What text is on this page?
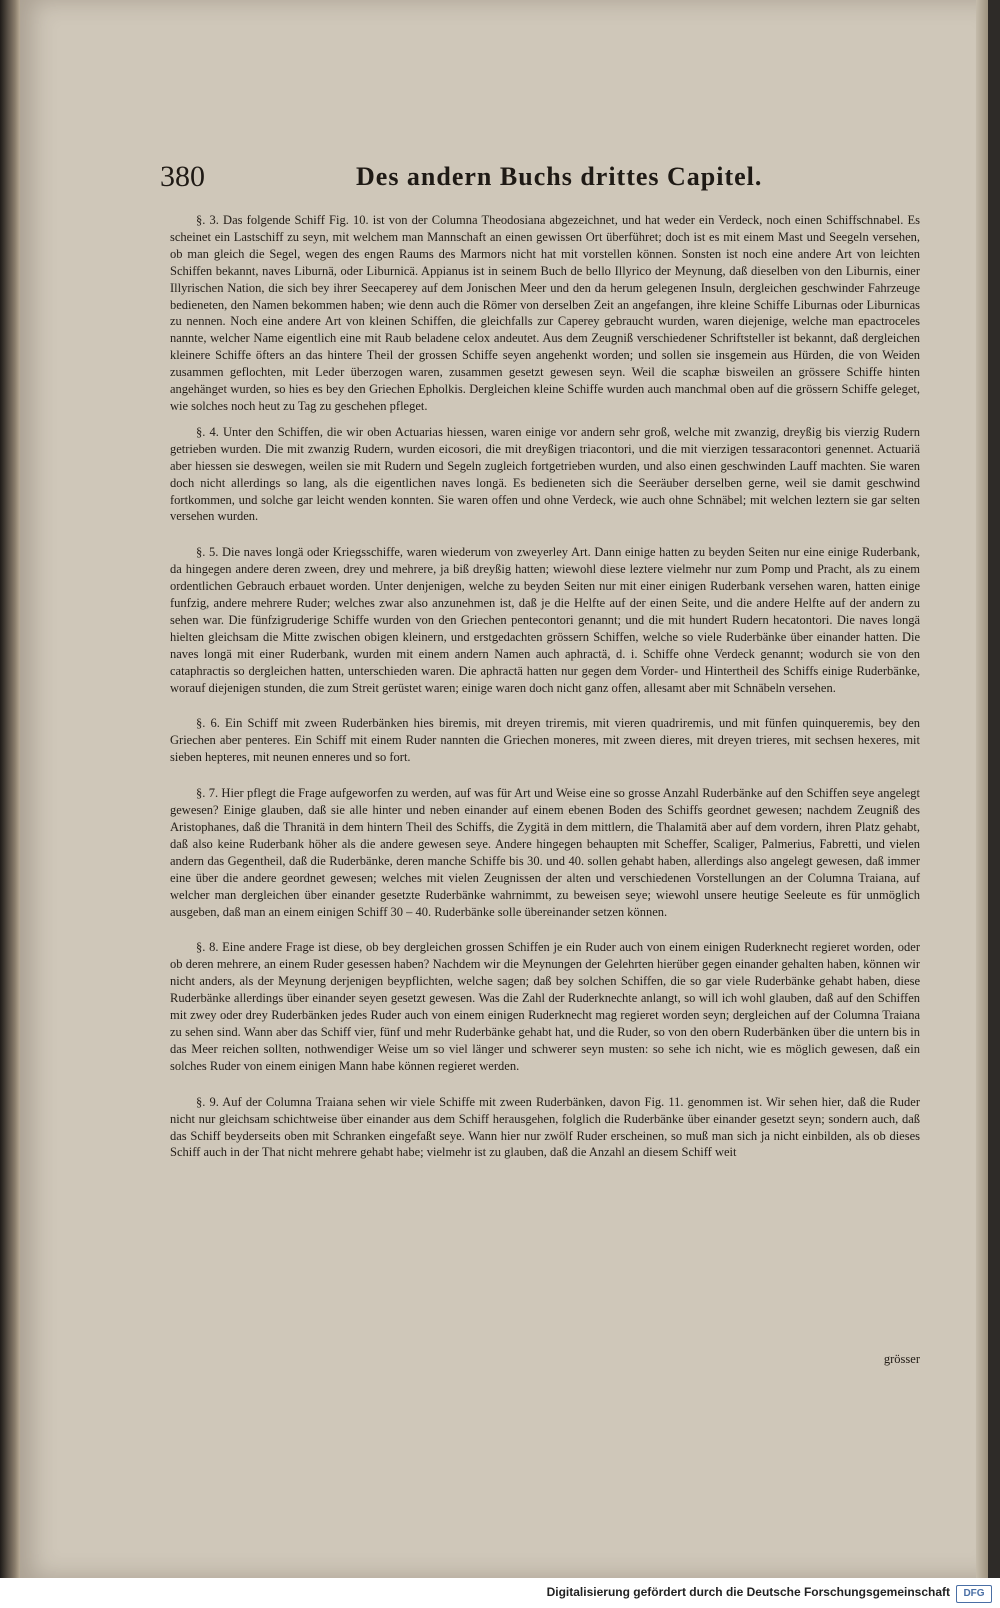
380	Des andern Buchs drittes Capitel.

§. 3. Das folgende Schiff Fig. 10. ist von der Columna Theodosiana abgezeichnet, und hat weder ein Verdeck, noch einen Schiffschnabel. Es scheinet ein Lastschiff zu seyn, mit welchem man Mannschaft an einen gewissen Ort überführet; doch ist es mit einem Mast und Seegeln versehen, ob man gleich die Segel, wegen des engen Raums des Marmors nicht hat mit vorstellen können. Sonsten ist noch eine andere Art von leichten Schiffen bekannt, naves Liburnä, oder Liburnicä. Appianus ist in seinem Buch de bello Illyrico der Meynung, daß dieselben von den Liburnis, einer Illyrischen Nation, die sich bey ihrer Seecaperey auf dem Jonischen Meer und den da herum gelegenen Insuln, dergleichen geschwinder Fahrzeuge bedieneten, den Namen bekommen haben; wie denn auch die Römer von derselben Zeit an angefangen, ihre kleine Schiffe Liburnas oder Liburnicas zu nennen. Noch eine andere Art von kleinen Schiffen, die gleichfalls zur Caperey gebraucht wurden, waren diejenige, welche man epactroceles nannte, welcher Name eigentlich eine mit Raub beladene celox andeutet. Aus dem Zeugniß verschiedener Schriftsteller ist bekannt, daß dergleichen kleinere Schiffe öfters an das hintere Theil der grossen Schiffe seyen angehenkt worden; und sollen sie insgemein aus Hürden, die von Weiden zusammen geflochten, mit Leder überzogen waren, zusammen gesetzt gewesen seyn. Weil die scaphæ bisweilen an grössere Schiffe hinten angehänget wurden, so hies es bey den Griechen Epholkis. Dergleichen kleine Schiffe wurden auch manchmal oben auf die grössern Schiffe geleget, wie solches noch heut zu Tag zu geschehen pfleget.

§. 4. Unter den Schiffen, die wir oben Actuarias hiessen, waren einige vor andern sehr groß, welche mit zwanzig, dreyßig bis vierzig Rudern getrieben wurden. Die mit zwanzig Rudern, wurden eicosori, die mit dreyßigen triacontori, und die mit vierzigen tessaracontori genennet. Actuariä aber hiessen sie deswegen, weilen sie mit Rudern und Segeln zugleich fortgetrieben wurden, und also einen geschwinden Lauff machten. Sie waren doch nicht allerdings so lang, als die eigentlichen naves longä. Es bedieneten sich die Seeräuber derselben gerne, weil sie damit geschwind fortkommen, und solche gar leicht wenden konnten. Sie waren offen und ohne Verdeck, wie auch ohne Schnäbel; mit welchen leztern sie gar selten versehen wurden.

§. 5. Die naves longä oder Kriegsschiffe, waren wiederum von zweyerley Art. Dann einige hatten zu beyden Seiten nur eine einige Ruderbank, da hingegen andere deren zween, drey und mehrere, ja biß dreyßig hatten; wiewohl diese leztere vielmehr nur zum Pomp und Pracht, als zu einem ordentlichen Gebrauch erbauet worden. Unter denjenigen, welche zu beyden Seiten nur mit einer einigen Ruderbank versehen waren, hatten einige funfzig, andere mehrere Ruder; welches zwar also anzunehmen ist, daß je die Helfte auf der einen Seite, und die andere Helfte auf der andern zu sehen war. Die fünfzigruderige Schiffe wurden von den Griechen pentecontori genannt; und die mit hundert Rudern hecatontori. Die naves longä hielten gleichsam die Mitte zwischen obigen kleinern, und erstgedachten grössern Schiffen, welche so viele Ruderbänke über einander hatten. Die naves longä mit einer Ruderbank, wurden mit einem andern Namen auch aphractä, d. i. Schiffe ohne Verdeck genannt; wodurch sie von den cataphractis so dergleichen hatten, unterschieden waren. Die aphractä hatten nur gegen dem Vorder- und Hintertheil des Schiffs einige Ruderbänke, worauf diejenigen stunden, die zum Streit gerüstet waren; einige waren doch nicht ganz offen, allesamt aber mit Schnäbeln versehen.

§. 6. Ein Schiff mit zween Ruderbänken hies biremis, mit dreyen triremis, mit vieren quadriremis, und mit fünfen quinqueremis, bey den Griechen aber penteres. Ein Schiff mit einem Ruder nannten die Griechen moneres, mit zween dieres, mit dreyen trieres, mit sechsen hexeres, mit sieben hepteres, mit neunen enneres und so fort.

§. 7. Hier pflegt die Frage aufgeworfen zu werden, auf was für Art und Weise eine so grosse Anzahl Ruderbänke auf den Schiffen seye angelegt gewesen? Einige glauben, daß sie alle hinter und neben einander auf einem ebenen Boden des Schiffs geordnet gewesen; nachdem Zeugniß des Aristophanes, daß die Thranitä in dem hintern Theil des Schiffs, die Zygitä in dem mittlern, die Thalamitä aber auf dem vordern, ihren Platz gehabt, daß also keine Ruderbank höher als die andere gewesen seye. Andere hingegen behaupten mit Scheffer, Scaliger, Palmerius, Fabretti, und vielen andern das Gegentheil, daß die Ruderbänke, deren manche Schiffe bis 30. und 40. sollen gehabt haben, allerdings also angelegt gewesen, daß immer eine über die andere geordnet gewesen; welches mit vielen Zeugnissen der alten und verschiedenen Vorstellungen an der Columna Traiana, auf welcher man dergleichen über einander gesetzte Ruderbänke wahrnimmt, zu beweisen seye; wiewohl unsere heutige Seeleute es für unmöglich ausgeben, daß man an einem einigen Schiff 30 – 40. Ruderbänke solle übereinander setzen können.

§. 8. Eine andere Frage ist diese, ob bey dergleichen grossen Schiffen je ein Ruder auch von einem einigen Ruderknecht regieret worden, oder ob deren mehrere, an einem Ruder gesessen haben? Nachdem wir die Meynungen der Gelehrten hierüber gegen einander gehalten haben, können wir nicht anders, als der Meynung derjenigen beypflichten, welche sagen; daß bey solchen Schiffen, die so gar viele Ruderbänke gehabt haben, diese Ruderbänke allerdings über einander seyen gesetzt gewesen. Was die Zahl der Ruderknechte anlangt, so will ich wohl glauben, daß auf den Schiffen mit zwey oder drey Ruderbänken jedes Ruder auch von einem einigen Ruderknecht mag regieret worden seyn; dergleichen auf der Columna Traiana zu sehen sind. Wann aber das Schiff vier, fünf und mehr Ruderbänke gehabt hat, und die Ruder, so von den obern Ruderbänken über die untern bis in das Meer reichen sollten, nothwendiger Weise um so viel länger und schwerer seyn musten: so sehe ich nicht, wie es möglich gewesen, daß ein solches Ruder von einem einigen Mann habe können regieret werden.

§. 9. Auf der Columna Traiana sehen wir viele Schiffe mit zween Ruderbänken, davon Fig. 11. genommen ist. Wir sehen hier, daß die Ruder nicht nur gleichsam schichtweise über einander aus dem Schiff herausgehen, folglich die Ruderbänke über einander gesetzt seyn; sondern auch, daß das Schiff beyderseits oben mit Schranken eingefaßt seye. Wann hier nur zwölf Ruder erscheinen, so muß man sich ja nicht einbilden, als ob dieses Schiff auch in der That nicht mehrere gehabt habe; vielmehr ist zu glauben, daß die Anzahl an diesem Schiff weit

grösser
Digitalisierung gefördert durch die Deutsche Forschungsgemeinschaft	DFG
